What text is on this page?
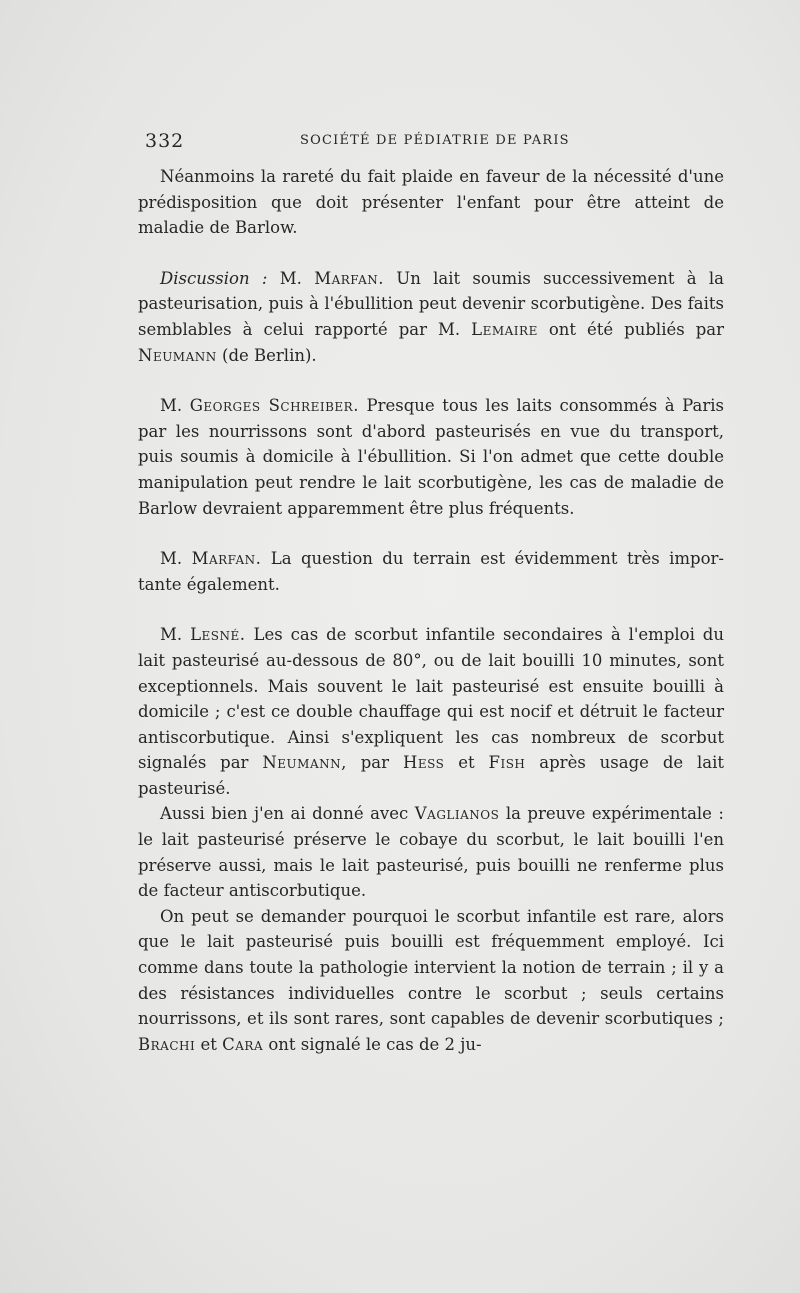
332	SOCIÉTÉ DE PÉDIATRIE DE PARIS

Néanmoins la rareté du fait plaide en faveur de la nécessité d'une prédisposition que doit présenter l'enfant pour être atteint de maladie de Barlow.

Discussion : M. Marfan. Un lait soumis successivement à la pasteurisation, puis à l'ébullition peut devenir scorbutigène. Des faits semblables à celui rapporté par M. Lemaire ont été publiés par Neumann (de Berlin).

M. Georges Schreiber. Presque tous les laits consommés à Paris par les nourrissons sont d'abord pasteurisés en vue du transport, puis soumis à domicile à l'ébullition. Si l'on admet que cette double manipulation peut rendre le lait scorbutigène, les cas de maladie de Barlow devraient apparemment être plus fréquents.

M. Marfan. La question du terrain est évidemment très importante également.

M. Lesné. Les cas de scorbut infantile secondaires à l'emploi du lait pasteurisé au-dessous de 80°, ou de lait bouilli 10 minutes, sont exceptionnels. Mais souvent le lait pasteurisé est ensuite bouilli à domicile ; c'est ce double chauffage qui est nocif et détruit le facteur antiscorbutique. Ainsi s'expliquent les cas nombreux de scorbut signalés par Neumann, par Hess et Fish après usage de lait pasteurisé.

Aussi bien j'en ai donné avec Vaglianos la preuve expérimentale : le lait pasteurisé préserve le cobaye du scorbut, le lait bouilli l'en préserve aussi, mais le lait pasteurisé, puis bouilli ne renferme plus de facteur antiscorbutique.

On peut se demander pourquoi le scorbut infantile est rare, alors que le lait pasteurisé puis bouilli est fréquemment employé. Ici comme dans toute la pathologie intervient la notion de terrain ; il y a des résistances individuelles contre le scorbut ; seuls certains nourrissons, et ils sont rares, sont capables de devenir scorbutiques ; Brachi et Cara ont signalé le cas de 2 ju-
